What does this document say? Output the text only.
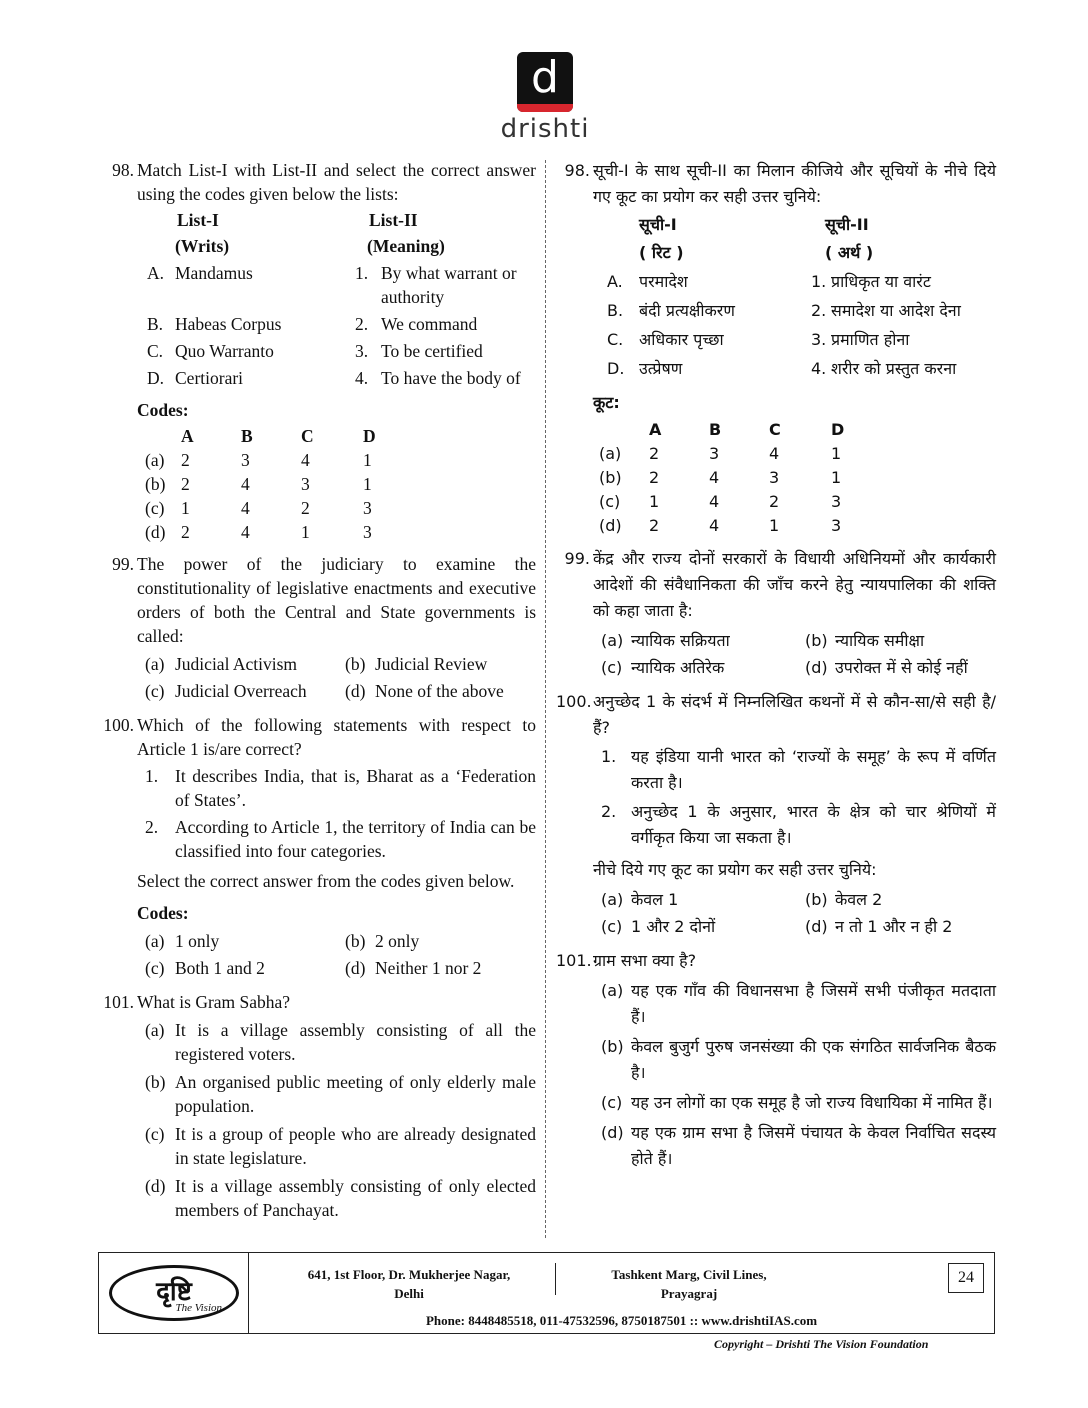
d
drishti
98. Match List-I with List-II and select the correct answer using the codes given below the lists:
List-I	List-II
(Writs)	(Meaning)
A. Mandamus	1. By what warrant or authority
B. Habeas Corpus	2. We command
C. Quo Warranto	3. To be certified
D. Certiorari	4. To have the body of
Codes:
A	B	C	D
(a) 2	3	4	1
(b) 2	4	3	1
(c) 1	4	2	3
(d) 2	4	1	3
99. The power of the judiciary to examine the constitutionality of legislative enactments and executive orders of both the Central and State governments is called:
(a) Judicial Activism	(b) Judicial Review
(c) Judicial Overreach	(d) None of the above
100. Which of the following statements with respect to Article 1 is/are correct?
1. It describes India, that is, Bharat as a ‘Federation of States’.
2. According to Article 1, the territory of India can be classified into four categories.
Select the correct answer from the codes given below.
Codes:
(a) 1 only	(b) 2 only
(c) Both 1 and 2	(d) Neither 1 nor 2
101. What is Gram Sabha?
(a) It is a village assembly consisting of all the registered voters.
(b) An organised public meeting of only elderly male population.
(c) It is a group of people who are already designated in state legislature.
(d) It is a village assembly consisting of only elected members of Panchayat.
98. सूची-I के साथ सूची-II का मिलान कीजिये और सूचियों के नीचे दिये गए कूट का प्रयोग कर सही उत्तर चुनिये:
सूची-I	सूची-II
( रिट )	( अर्थ )
A.	परमादेश	1. प्राधिकृत या वारंट
B. बंदी प्रत्यक्षीकरण	2. समादेश या आदेश देना
C. अधिकार पृच्छा	3. प्रमाणित होना
D. उत्प्रेषण	4. शरीर को प्रस्तुत करना
कूट:
A	B	C	D
(a)	2	3	4	1
(b)	2	4	3	1
(c)	1	4	2	3
(d)	2	4	1	3
99. केंद्र और राज्य दोनों सरकारों के विधायी अधिनियमों और कार्यकारी आदेशों की संवैधानिकता की जाँच करने हेतु न्यायपालिका की शक्ति को कहा जाता है:
(a) न्यायिक सक्रियता	(b) न्यायिक समीक्षा
(c) न्यायिक अतिरेक	(d) उपरोक्त में से कोई नहीं
100. अनुच्छेद 1 के संदर्भ में निम्नलिखित कथनों में से कौन-सा/से सही है/हैं?
1. यह इंडिया यानी भारत को ‘राज्यों के समूह’ के रूप में वर्णित करता है।
2. अनुच्छेद 1 के अनुसार, भारत के क्षेत्र को चार श्रेणियों में वर्गीकृत किया जा सकता है।
नीचे दिये गए कूट का प्रयोग कर सही उत्तर चुनिये:
(a) केवल 1	(b) केवल 2
(c) 1 और 2 दोनों	(d) न तो 1 और न ही 2
101. ग्राम सभा क्या है?
(a) यह एक गाँव की विधानसभा है जिसमें सभी पंजीकृत मतदाता हैं।
(b) केवल बुजुर्ग पुरुष जनसंख्या की एक संगठित सार्वजनिक बैठक है।
(c) यह उन लोगों का एक समूह है जो राज्य विधायिका में नामित हैं।
(d) यह एक ग्राम सभा है जिसमें पंचायत के केवल निर्वाचित सदस्य होते हैं।
दृष्टि
The Vision
641, 1st Floor, Dr. Mukherjee Nagar,
Delhi
Tashkent Marg, Civil Lines,
Prayagraj
Phone: 8448485518, 011-47532596, 8750187501 :: www.drishtiIAS.com
24
Copyright – Drishti The Vision Foundation
